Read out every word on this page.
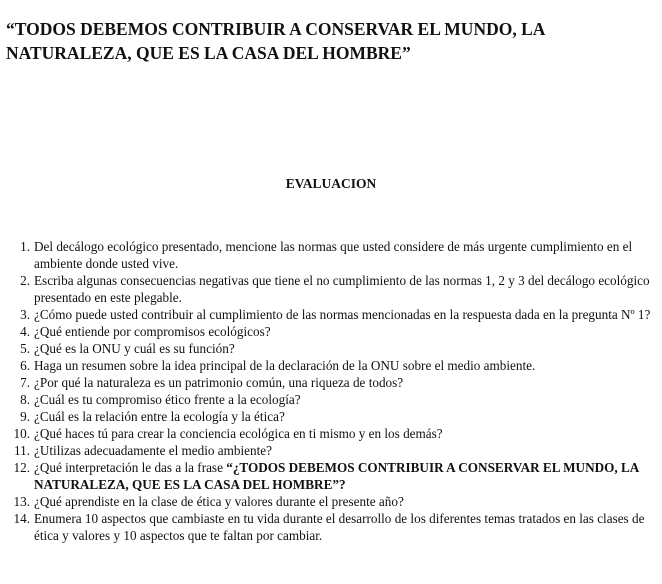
“TODOS DEBEMOS CONTRIBUIR A CONSERVAR EL MUNDO, LA NATURALEZA, QUE ES LA CASA DEL HOMBRE”
EVALUACION
1. Del decálogo ecológico presentado, mencione las normas que usted considere de más urgente cumplimiento en el ambiente donde usted vive.
2. Escriba algunas consecuencias negativas que tiene el no cumplimiento de las normas 1, 2 y 3 del decálogo ecológico presentado en este plegable.
3. ¿Cómo puede usted contribuir al cumplimiento de las normas mencionadas en la respuesta dada en la pregunta Nº 1?
4. ¿Qué entiende por compromisos ecológicos?
5. ¿Qué es la ONU y cuál es su función?
6. Haga un resumen sobre la idea principal de la declaración de la ONU sobre el medio ambiente.
7. ¿Por qué la naturaleza es un patrimonio común, una riqueza de todos?
8. ¿Cuál es tu compromiso ético frente a la ecología?
9. ¿Cuál es la relación entre la ecología y la ética?
10. ¿Qué haces tú para crear la conciencia ecológica en ti mismo y en los demás?
11. ¿Utilizas adecuadamente el medio ambiente?
12. ¿Qué interpretación le das a la frase “¿TODOS DEBEMOS CONTRIBUIR A CONSERVAR EL MUNDO, LA NATURALEZA, QUE ES LA CASA DEL HOMBRE”?
13. ¿Qué aprendiste en la clase de ética y valores durante el presente año?
14. Enumera 10 aspectos que cambiaste en tu vida durante el desarrollo de los diferentes temas tratados en las clases de ética y valores y 10 aspectos que te faltan por cambiar.
